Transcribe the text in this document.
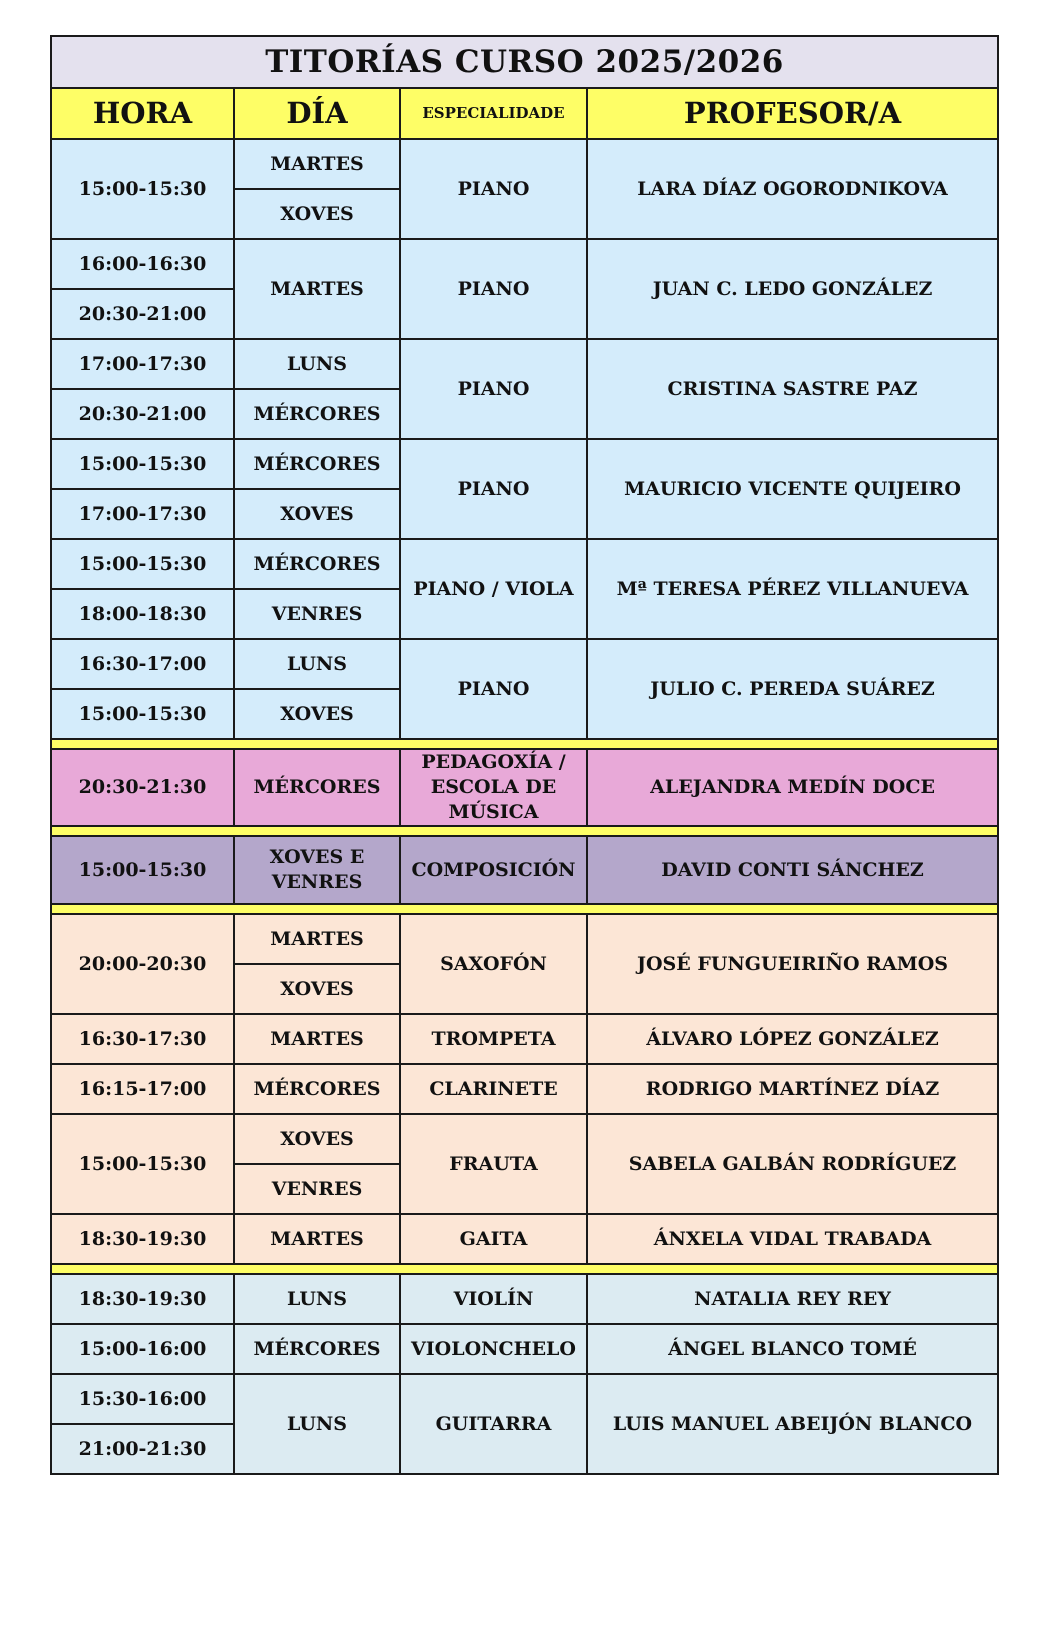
TITORÍAS CURSO 2025/2026			
HORA	DÍA	ESPECIALIDADE	PROFESOR/A
15:00-15:30	MARTES	PIANO	LARA DÍAZ OGORODNIKOVA
	XOVES		
16:00-16:30	MARTES	PIANO	JUAN C. LEDO GONZÁLEZ
20:30-21:00			
17:00-17:30	LUNS	PIANO	CRISTINA SASTRE PAZ
20:30-21:00	MÉRCORES		
15:00-15:30	MÉRCORES	PIANO	MAURICIO VICENTE QUIJEIRO
17:00-17:30	XOVES		
15:00-15:30	MÉRCORES	PIANO / VIOLA	Mª TERESA PÉREZ VILLANUEVA
18:00-18:30	VENRES		
16:30-17:00	LUNS	PIANO	JULIO C. PEREDA SUÁREZ
15:00-15:30	XOVES		

20:30-21:30	MÉRCORES	PEDAGOXÍA / ESCOLA DE MÚSICA	ALEJANDRA MEDÍN DOCE

15:00-15:30	XOVES E VENRES	COMPOSICIÓN	DAVID CONTI SÁNCHEZ

20:00-20:30	MARTES	SAXOFÓN	JOSÉ FUNGUEIRIÑO RAMOS
	XOVES		
16:30-17:30	MARTES	TROMPETA	ÁLVARO LÓPEZ GONZÁLEZ
16:15-17:00	MÉRCORES	CLARINETE	RODRIGO MARTÍNEZ DÍAZ
15:00-15:30	XOVES	FRAUTA	SABELA GALBÁN RODRÍGUEZ
	VENRES		
18:30-19:30	MARTES	GAITA	ÁNXELA VIDAL TRABADA

18:30-19:30	LUNS	VIOLÍN	NATALIA REY REY
15:00-16:00	MÉRCORES	VIOLONCHELO	ÁNGEL BLANCO TOMÉ
15:30-16:00	LUNS	GUITARRA	LUIS MANUEL ABEIJÓN BLANCO
21:00-21:30			
